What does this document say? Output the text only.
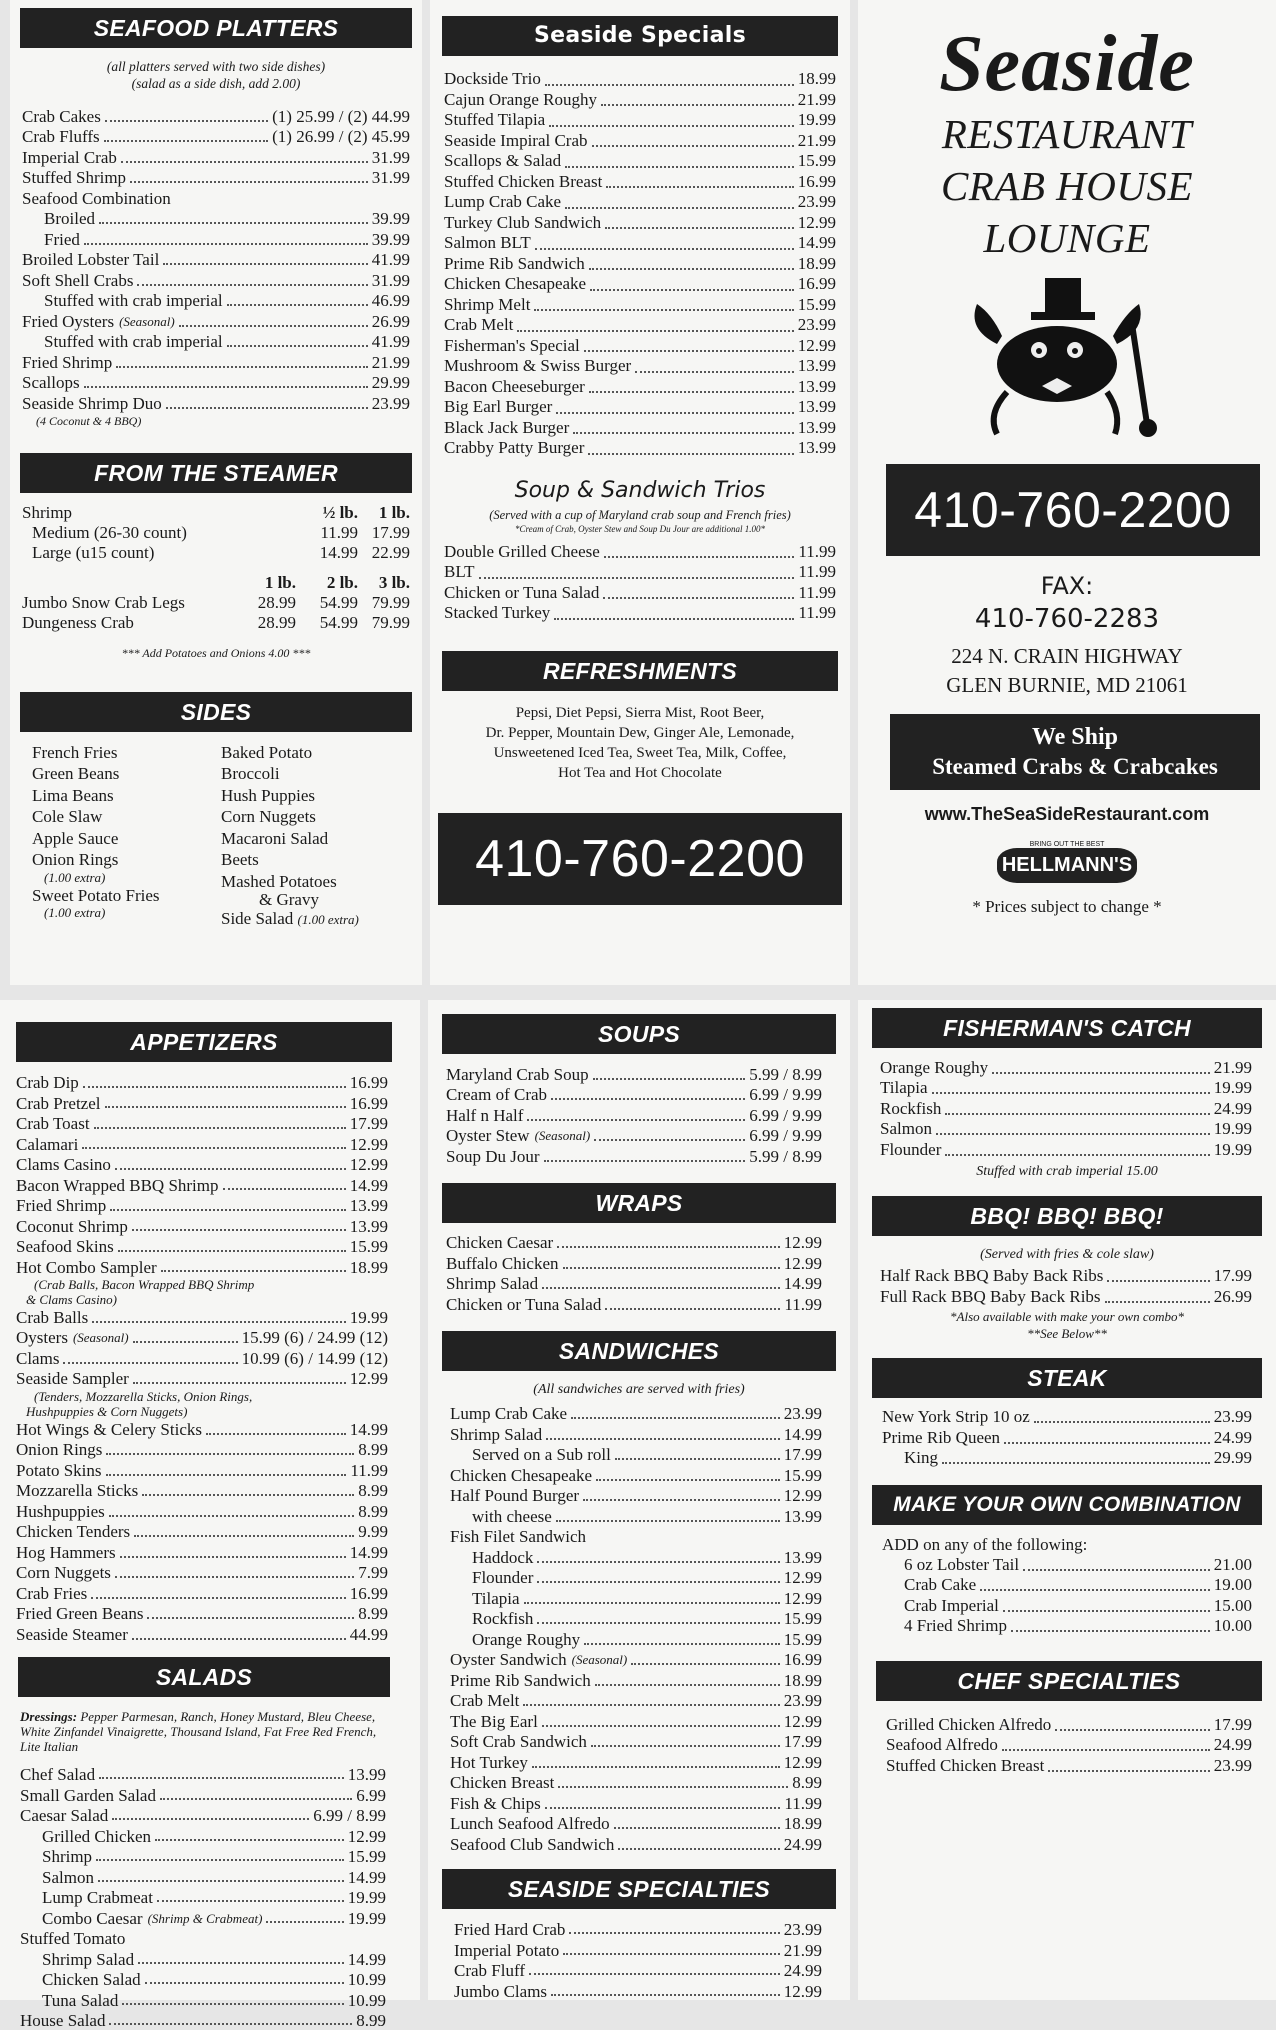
SEAFOOD PLATTERS
(all platters served with two side dishes)
(salad as a side dish, add 2.00)
Crab Cakes	(1) 25.99 / (2) 44.99
Crab Fluffs	(1) 26.99 / (2) 45.99
Imperial Crab	31.99
Stuffed Shrimp	31.99
Seafood Combination
Broiled	39.99
Fried	39.99
Broiled Lobster Tail	41.99
Soft Shell Crabs	31.99
Stuffed with crab imperial	46.99
Fried Oysters (Seasonal)	26.99
Stuffed with crab imperial	41.99
Fried Shrimp	21.99
Scallops	29.99
Seaside Shrimp Duo	23.99
(4 Coconut & 4 BBQ)
FROM THE STEAMER
Shrimp	½ lb.	1 lb.
Medium (26-30 count)	11.99 17.99
Large (u15 count)	14.99 22.99
1 lb.	2 lb.	3 lb.
Jumbo Snow Crab Legs	28.99	54.99 79.99
Dungeness Crab	28.99	54.99 79.99
*** Add Potatoes and Onions 4.00 ***
SIDES
French Fries
Green Beans
Lima Beans
Cole Slaw
Apple Sauce
Onion Rings
(1.00 extra)
Sweet Potato Fries
(1.00 extra)
Baked Potato
Broccoli
Hush Puppies
Corn Nuggets
Macaroni Salad
Beets
Mashed Potatoes
& Gravy
Side Salad (1.00 extra)
Seaside Specials
Dockside Trio	18.99
Cajun Orange Roughy	21.99
Stuffed Tilapia	19.99
Seaside Impiral Crab	21.99
Scallops & Salad	15.99
Stuffed Chicken Breast	16.99
Lump Crab Cake	23.99
Turkey Club Sandwich	12.99
Salmon BLT	14.99
Prime Rib Sandwich	18.99
Chicken Chesapeake	16.99
Shrimp Melt	15.99
Crab Melt	23.99
Fisherman's Special	12.99
Mushroom & Swiss Burger	13.99
Bacon Cheeseburger	13.99
Big Earl Burger	13.99
Black Jack Burger	13.99
Crabby Patty Burger	13.99
Soup & Sandwich Trios
(Served with a cup of Maryland crab soup and French fries)
*Cream of Crab, Oyster Stew and Soup Du Jour are additional 1.00*
Double Grilled Cheese	11.99
BLT	11.99
Chicken or Tuna Salad	11.99
Stacked Turkey	11.99
REFRESHMENTS
Pepsi, Diet Pepsi, Sierra Mist, Root Beer,
Dr. Pepper, Mountain Dew, Ginger Ale, Lemonade,
Unsweetened Iced Tea, Sweet Tea, Milk, Coffee,
Hot Tea and Hot Chocolate
410-760-2200
Seaside
RESTAURANT
CRAB HOUSE
LOUNGE
410-760-2200
FAX:
410-760-2283
224 N. CRAIN HIGHWAY
GLEN BURNIE, MD 21061
We Ship
Steamed Crabs & Crabcakes
www.TheSeaSideRestaurant.com
BRING OUT THE BEST
HELLMANN'S
* Prices subject to change *
APPETIZERS
Crab Dip	16.99
Crab Pretzel	16.99
Crab Toast	17.99
Calamari	12.99
Clams Casino	12.99
Bacon Wrapped BBQ Shrimp	14.99
Fried Shrimp	13.99
Coconut Shrimp	13.99
Seafood Skins	15.99
Hot Combo Sampler	18.99
(Crab Balls, Bacon Wrapped BBQ Shrimp
& Clams Casino)
Crab Balls	19.99
Oysters (Seasonal)	15.99 (6) / 24.99 (12)
Clams	10.99 (6) / 14.99 (12)
Seaside Sampler	12.99
(Tenders, Mozzarella Sticks, Onion Rings,
Hushpuppies & Corn Nuggets)
Hot Wings & Celery Sticks	14.99
Onion Rings	8.99
Potato Skins	11.99
Mozzarella Sticks	8.99
Hushpuppies	8.99
Chicken Tenders	9.99
Hog Hammers	14.99
Corn Nuggets	7.99
Crab Fries	16.99
Fried Green Beans	8.99
Seaside Steamer	44.99
SALADS
Dressings: Pepper Parmesan, Ranch, Honey Mustard, Bleu Cheese, White Zinfandel Vinaigrette, Thousand Island, Fat Free Red French, Lite Italian
Chef Salad	13.99
Small Garden Salad	6.99
Caesar Salad	6.99 / 8.99
Grilled Chicken	12.99
Shrimp	15.99
Salmon	14.99
Lump Crabmeat	19.99
Combo Caesar (Shrimp & Crabmeat)	19.99
Stuffed Tomato
Shrimp Salad	14.99
Chicken Salad	10.99
Tuna Salad	10.99
House Salad	8.99
SOUPS
Maryland Crab Soup	5.99 / 8.99
Cream of Crab	6.99 / 9.99
Half n Half	6.99 / 9.99
Oyster Stew (Seasonal)	6.99 / 9.99
Soup Du Jour	5.99 / 8.99
WRAPS
Chicken Caesar	12.99
Buffalo Chicken	12.99
Shrimp Salad	14.99
Chicken or Tuna Salad	11.99
SANDWICHES
(All sandwiches are served with fries)
Lump Crab Cake	23.99
Shrimp Salad	14.99
Served on a Sub roll	17.99
Chicken Chesapeake	15.99
Half Pound Burger	12.99
with cheese	13.99
Fish Filet Sandwich
Haddock	13.99
Flounder	12.99
Tilapia	12.99
Rockfish	15.99
Orange Roughy	15.99
Oyster Sandwich (Seasonal)	16.99
Prime Rib Sandwich	18.99
Crab Melt	23.99
The Big Earl	12.99
Soft Crab Sandwich	17.99
Hot Turkey	12.99
Chicken Breast	8.99
Fish & Chips	11.99
Lunch Seafood Alfredo	18.99
Seafood Club Sandwich	24.99
SEASIDE SPECIALTIES
Fried Hard Crab	23.99
Imperial Potato	21.99
Crab Fluff	24.99
Jumbo Clams	12.99
FISHERMAN'S CATCH
Orange Roughy	21.99
Tilapia	19.99
Rockfish	24.99
Salmon	19.99
Flounder	19.99
Stuffed with crab imperial 15.00
BBQ! BBQ! BBQ!
(Served with fries & cole slaw)
Half Rack BBQ Baby Back Ribs	17.99
Full Rack BBQ Baby Back Ribs	26.99
*Also available with make your own combo*
**See Below**
STEAK
New York Strip 10 oz	23.99
Prime Rib Queen	24.99
King	29.99
MAKE YOUR OWN COMBINATION
ADD on any of the following:
6 oz Lobster Tail	21.00
Crab Cake	19.00
Crab Imperial	15.00
4 Fried Shrimp	10.00
CHEF SPECIALTIES
Grilled Chicken Alfredo	17.99
Seafood Alfredo	24.99
Stuffed Chicken Breast	23.99
